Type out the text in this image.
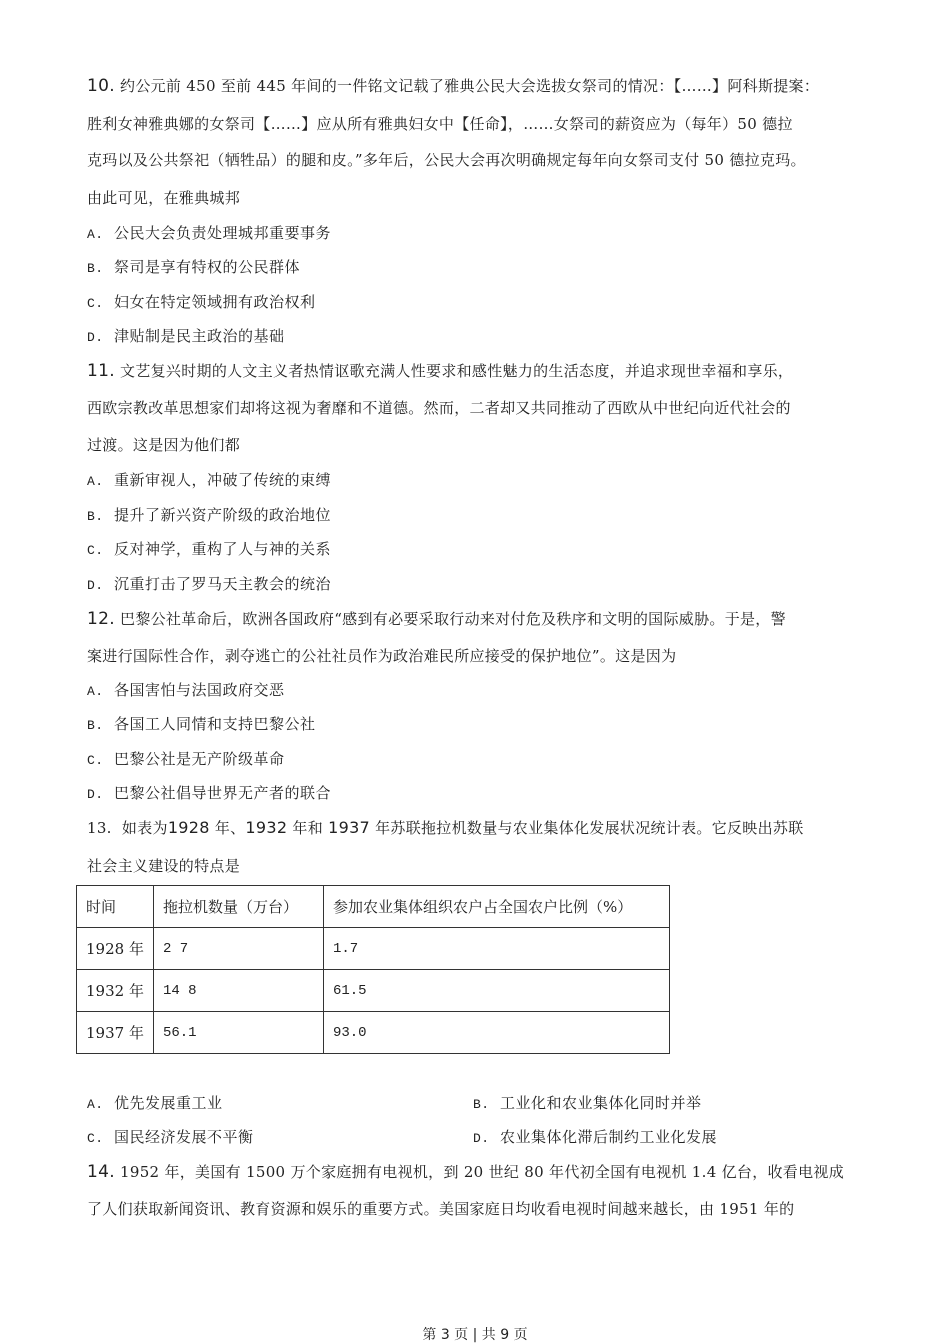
10. 约公元前 450 至前 445 年间的一件铭文记载了雅典公民大会选拔女祭司的情况：【……】阿科斯提案：
胜利女神雅典娜的女祭司【……】应从所有雅典妇女中【任命】，……女祭司的薪资应为（每年）50 德拉
克玛以及公共祭祀（牺牲品）的腿和皮。”多年后，公民大会再次明确规定每年向女祭司支付 50 德拉克玛。
由此可见，在雅典城邦
A. 公民大会负责处理城邦重要事务
B. 祭司是享有特权的公民群体
C. 妇女在特定领域拥有政治权利
D. 津贴制是民主政治的基础
11. 文艺复兴时期的人文主义者热情讴歌充满人性要求和感性魅力的生活态度，并追求现世幸福和享乐，
西欧宗教改革思想家们却将这视为奢靡和不道德。然而，二者却又共同推动了西欧从中世纪向近代社会的
过渡。这是因为他们都
A. 重新审视人，冲破了传统的束缚
B. 提升了新兴资产阶级的政治地位
C. 反对神学，重构了人与神的关系
D. 沉重打击了罗马天主教会的统治
12. 巴黎公社革命后，欧洲各国政府“感到有必要采取行动来对付危及秩序和文明的国际威胁。于是，警
案进行国际性合作，剥夺逃亡的公社社员作为政治难民所应接受的保护地位”。这是因为
A. 各国害怕与法国政府交恶
B. 各国工人同情和支持巴黎公社
C. 巴黎公社是无产阶级革命
D. 巴黎公社倡导世界无产者的联合
13. 如表为1928 年、1932 年和 1937 年苏联拖拉机数量与农业集体化发展状况统计表。它反映出苏联
社会主义建设的特点是
时间	拖拉机数量（万台）	参加农业集体组织农户占全国农户比例（%）
1928 年	2 7	1.7
1932 年	14 8	61.5
1937 年	56.1	93.0
A. 优先发展重工业	B. 工业化和农业集体化同时并举
C. 国民经济发展不平衡	D. 农业集体化滞后制约工业化发展
14. 1952 年，美国有 1500 万个家庭拥有电视机，到 20 世纪 80 年代初全国有电视机 1.4 亿台，收看电视成
了人们获取新闻资讯、教育资源和娱乐的重要方式。美国家庭日均收看电视时间越来越长，由 1951 年的
第 3 页 | 共 9 页
